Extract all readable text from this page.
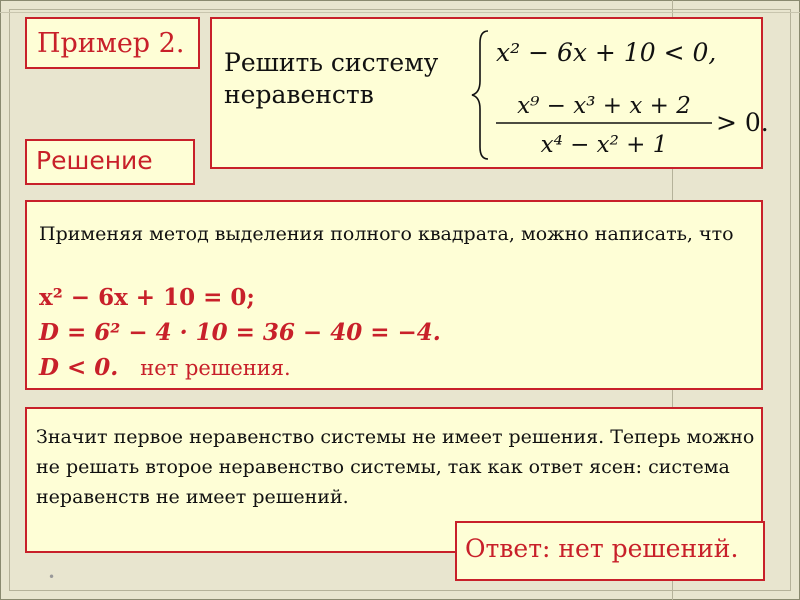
Пример 2.
Решить систему
неравенств
x² − 6x + 10 < 0,
x⁹ − x³ + x + 2
x⁴ − x² + 1
> 0.
Решение
Применяя метод выделения полного квадрата, можно написать, что
x² − 6x + 10 = 0;
D = 6² − 4 · 10 = 36 − 40 = −4.
D < 0. нет решения.
Значит первое неравенство системы не имеет решения. Теперь можно не решать второе неравенство системы, так как ответ ясен: система неравенств не имеет решений.
Ответ: нет решений.
•
